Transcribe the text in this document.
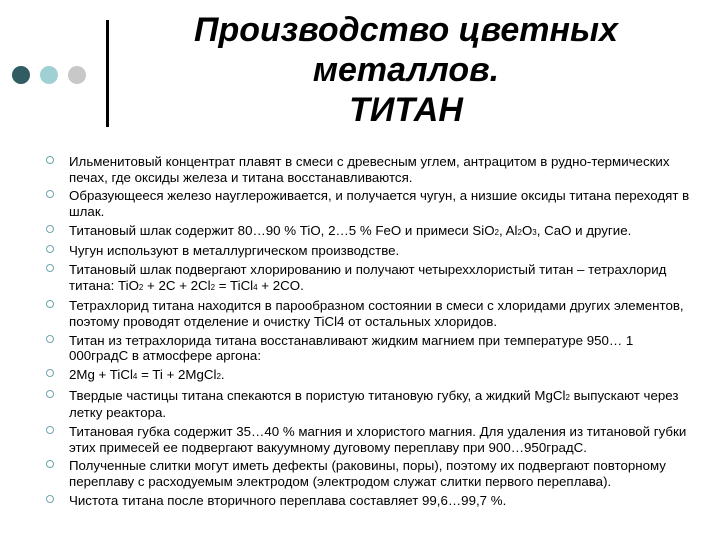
Производство цветных
металлов.
ТИТАН
Ильменитовый концентрат плавят в смеси с древесным углем, антрацитом в рудно-термических печах, где оксиды железа и титана восстанавливаются.
Образующееся железо науглероживается, и получается чугун, а низшие оксиды титана переходят в шлак.
Титановый шлак содержит 80…90 % TiO, 2…5 % FeO и примеси SiO2, Al2O3, CaO и другие.
Чугун используют в металлургическом производстве.
Титановый шлак подвергают хлорированию и получают четыреххлористый титан – тетрахлорид титана: TiO2 + 2C + 2Cl2 = TiCl4 + 2CO.
Тетрахлорид титана находится в парообразном состоянии в смеси с хлоридами других элементов, поэтому проводят отделение и очистку TiCl4 от остальных хлоридов.
Титан из тетрахлорида титана восстанавливают жидким магнием при температуре 950… 1 000градС в атмосфере аргона:
2Mg + TiCl4 = Ti + 2MgCl2.
Твердые частицы титана спекаются в пористую титановую губку, а жидкий MgCl2 выпускают через летку реактора.
Титановая губка содержит 35…40 % магния и хлористого магния. Для удаления из титановой губки этих примесей ее подвергают вакуумному дуговому переплаву при 900…950градС.
Полученные слитки могут иметь дефекты (раковины, поры), поэтому их подвергают повторному переплаву с расходуемым электродом (электродом служат слитки первого переплава).
Чистота титана после вторичного переплава составляет 99,6…99,7 %.
